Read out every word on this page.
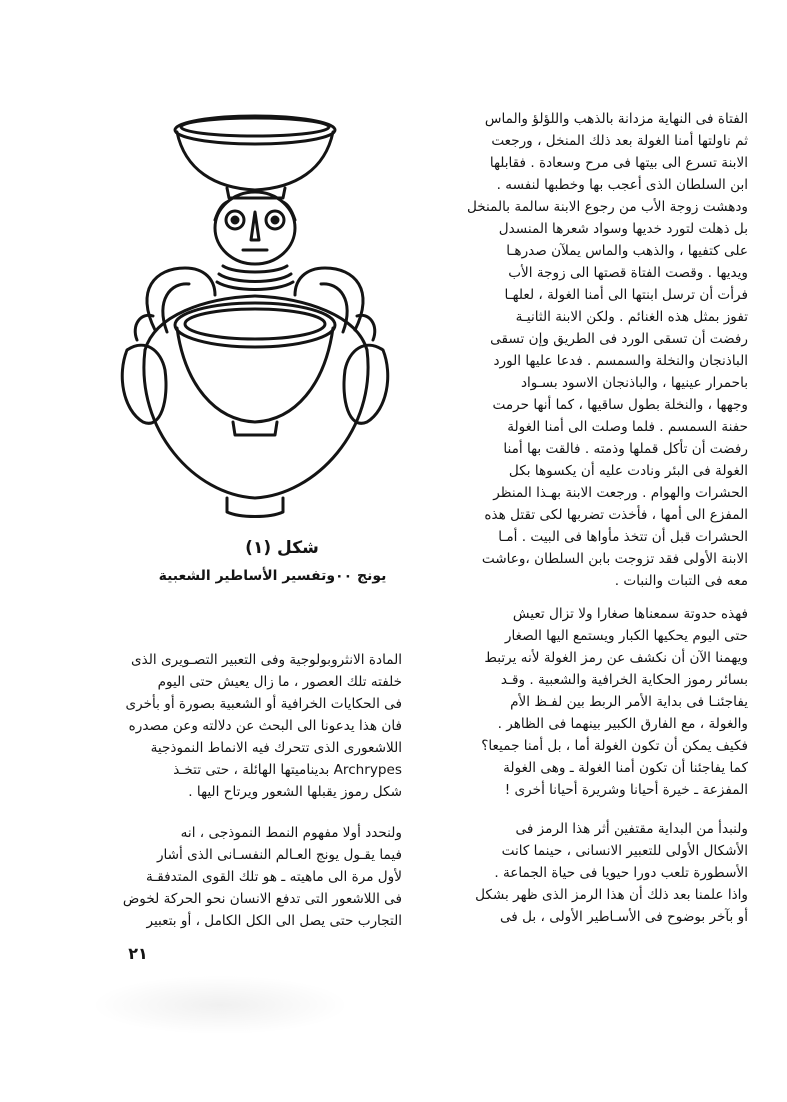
الفتاة فى النهاية مزدانة بالذهب واللؤلؤ والماس
ثم ناولتها أمنا الغولة بعد ذلك المنخل ، ورجعت
الابنة تسرع الى بيتها فى مرح وسعادة . فقابلها
ابن السلطان الذى أعجب بها وخطبها لنفسه .
ودهشت زوجة الأب من رجوع الابنة سالمة بالمنخل
بل ذهلت لتورد خديها وسواد شعرها المنسدل
على كتفيها ، والذهب والماس يملآن صدرهـا
ويديها . وقصت الفتاة قصتها الى زوجة الأب
فرأت أن ترسل ابنتها الى أمنا الغولة ، لعلهـا
تفوز بمثل هذه الغنائم . ولكن الابنة الثانيـة
رفضت أن تسقى الورد فى الطريق وإن تسقى
الباذنجان والنخلة والسمسم . فدعا عليها الورد
باحمرار عينيها ، والباذنجان الاسود بسـواد
وجهها ، والنخلة بطول ساقيها ، كما أنها حرمت
حفنة السمسم . فلما وصلت الى أمنا الغولة
رفضت أن تأكل قملها وذمته . فالقت بها أمنا
الغولة فى البئر ونادت عليه أن يكسوها بكل
الحشرات والهوام . ورجعت الابنة بهـذا المنظر
المفزع الى أمها ، فأخذت تضربها لكى تقتل هذه
الحشرات قبل أن تتخذ مأواها فى البيت . أمـا
الابنة الأولى فقد تزوجت بابن السلطان ،وعاشت
معه فى التبات والنبات .
فهذه حدوتة سمعناها صغارا ولا تزال تعيش
حتى اليوم يحكيها الكبار ويستمع اليها الصغار
ويهمنا الآن أن نكشف عن رمز الغولة لأنه يرتبط
بسائر رموز الحكاية الخرافية والشعبية . وقـد
يفاجئنـا فى بداية الأمر الربط بين لفـظ الأم
والغولة ، مع الفارق الكبير بينهما فى الظاهر .
فكيف يمكن أن تكون الغولة أما ، بل أمنا جميعا؟
كما يفاجئنا أن تكون أمنا الغولة ـ وهى الغولة
المفزعة ـ خيرة أحيانا وشريرة أحيانا أخرى !
ولنبدأ من البداية مقتفين أثر هذا الرمز فى
الأشكال الأولى للتعبير الانسانى ، حينما كانت
الأسطورة تلعب دورا حيويا فى حياة الجماعة .
واذا علمنا بعد ذلك أن هذا الرمز الذى ظهر بشكل
أو بآخر بوضوح فى الأسـاطير الأولى ، بل فى
شكل (١)
يونج ٠٠وتفسير الأساطير الشعبية
المادة الانثروبولوجية وفى التعبير التصـويرى الذى
خلفته تلك العصور ، ما زال يعيش حتى اليوم
فى الحكايات الخرافية أو الشعبية بصورة أو بأخرى
فان هذا يدعونا الى البحث عن دلالته وعن مصدره
اللاشعورى الذى تتحرك فيه الانماط النموذجية
Archrypes بديناميتها الهائلة ، حتى تتخـذ
شكل رموز يقبلها الشعور ويرتاح اليها .
ولنحدد أولا مفهوم النمط النموذجى ، انه
فيما يقـول يونج العـالم النفسـانى الذى أشار
لأول مرة الى ماهيته ـ هو تلك القوى المتدفقـة
فى اللاشعور التى تدفع الانسان نحو الحركة لخوض
التجارب حتى يصل الى الكل الكامل ، أو بتعبير
٢١
